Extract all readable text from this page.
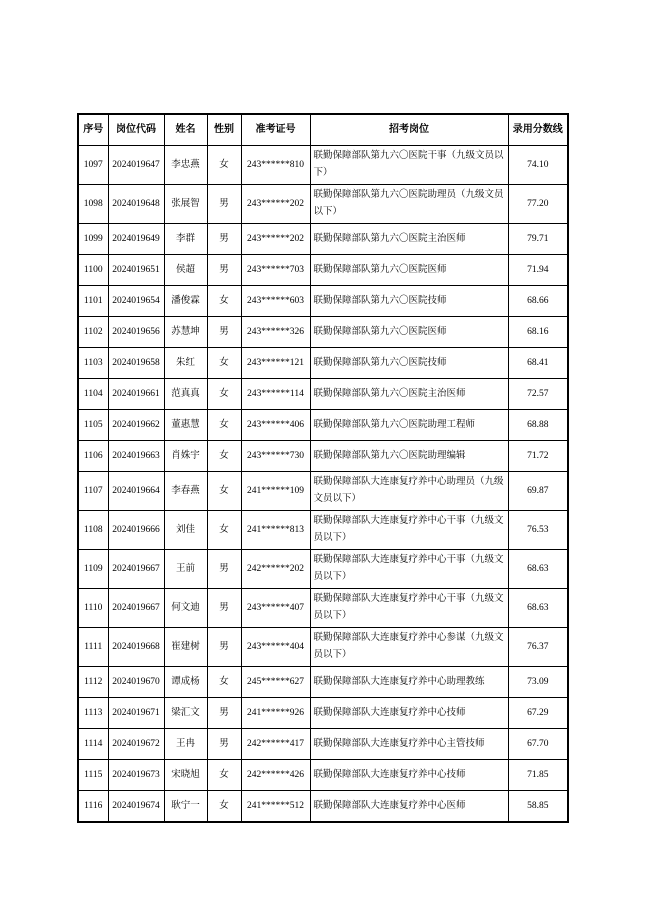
序号	岗位代码	姓名	性别	准考证号	招考岗位	录用分数线
1097	2024019647	李忠燕	女	243******810	联勤保障部队第九六〇医院干事（九级文员以下）	74.10
1098	2024019648	张展智	男	243******202	联勤保障部队第九六〇医院助理员（九级文员以下）	77.20
1099	2024019649	李群	男	243******202	联勤保障部队第九六〇医院主治医师	79.71
1100	2024019651	侯超	男	243******703	联勤保障部队第九六〇医院医师	71.94
1101	2024019654	潘俊霖	女	243******603	联勤保障部队第九六〇医院技师	68.66
1102	2024019656	苏慧坤	男	243******326	联勤保障部队第九六〇医院医师	68.16
1103	2024019658	朱红	女	243******121	联勤保障部队第九六〇医院技师	68.41
1104	2024019661	范真真	女	243******114	联勤保障部队第九六〇医院主治医师	72.57
1105	2024019662	董惠慧	女	243******406	联勤保障部队第九六〇医院助理工程师	68.88
1106	2024019663	肖姝宇	女	243******730	联勤保障部队第九六〇医院助理编辑	71.72
1107	2024019664	李春燕	女	241******109	联勤保障部队大连康复疗养中心助理员（九级文员以下）	69.87
1108	2024019666	刘佳	女	241******813	联勤保障部队大连康复疗养中心干事（九级文员以下）	76.53
1109	2024019667	王前	男	242******202	联勤保障部队大连康复疗养中心干事（九级文员以下）	68.63
1110	2024019667	何文迪	男	243******407	联勤保障部队大连康复疗养中心干事（九级文员以下）	68.63
1111	2024019668	崔建树	男	243******404	联勤保障部队大连康复疗养中心参谋（九级文员以下）	76.37
1112	2024019670	谭成杨	女	245******627	联勤保障部队大连康复疗养中心助理教练	73.09
1113	2024019671	梁汇文	男	241******926	联勤保障部队大连康复疗养中心技师	67.29
1114	2024019672	王冉	男	242******417	联勤保障部队大连康复疗养中心主管技师	67.70
1115	2024019673	宋晓旭	女	242******426	联勤保障部队大连康复疗养中心技师	71.85
1116	2024019674	耿宁一	女	241******512	联勤保障部队大连康复疗养中心医师	58.85
